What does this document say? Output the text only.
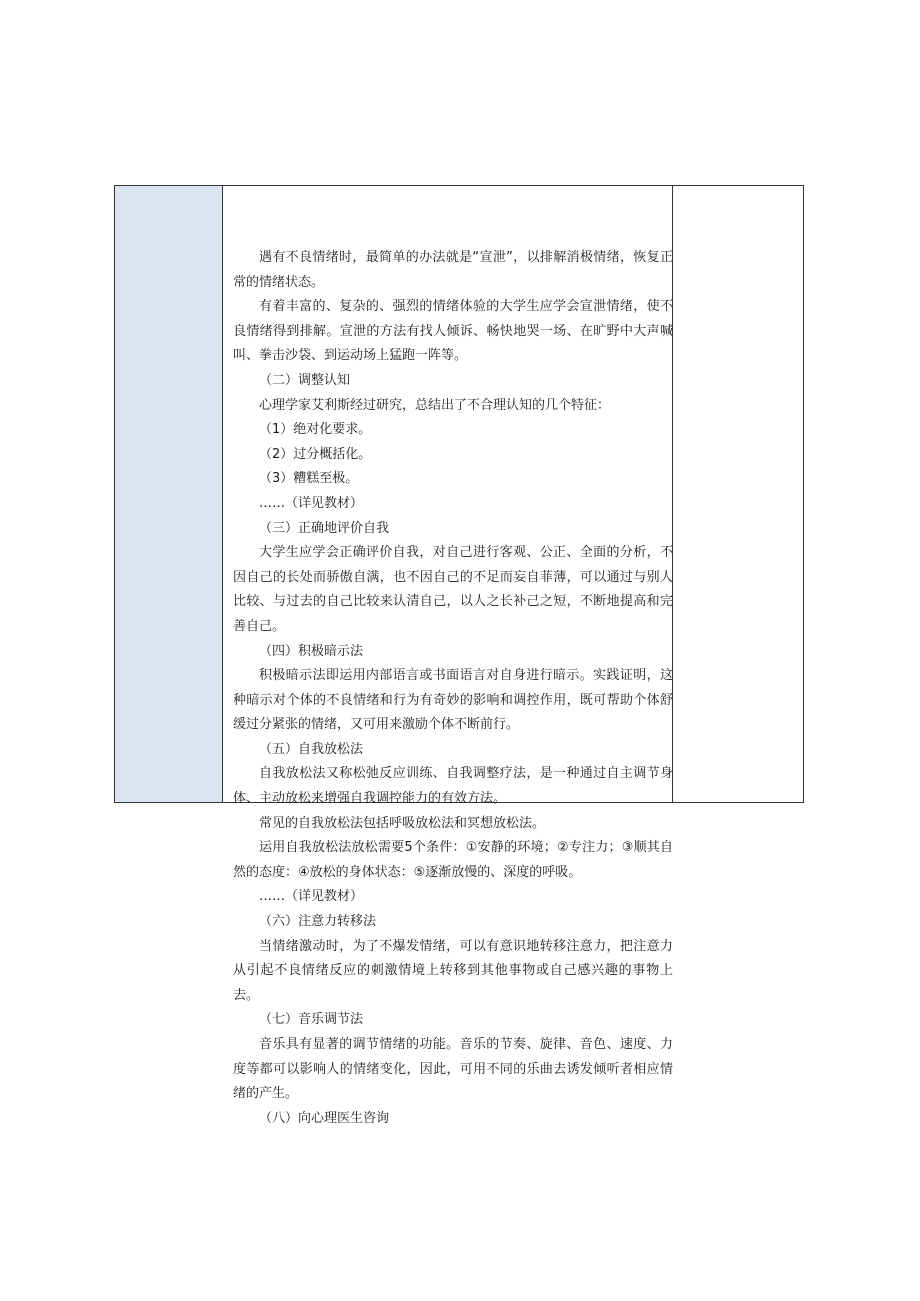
遇有不良情绪时，最简单的办法就是“宣泄”，以排解消极情绪，恢复正常的情绪状态。

有着丰富的、复杂的、强烈的情绪体验的大学生应学会宣泄情绪，使不良情绪得到排解。宣泄的方法有找人倾诉、畅快地哭一场、在旷野中大声喊叫、拳击沙袋、到运动场上猛跑一阵等。

（二）调整认知

心理学家艾利斯经过研究，总结出了不合理认知的几个特征：

（1）绝对化要求。

（2）过分概括化。

（3）糟糕至极。

……（详见教材）

（三）正确地评价自我

大学生应学会正确评价自我，对自己进行客观、公正、全面的分析，不因自己的长处而骄傲自满，也不因自己的不足而妄自菲薄，可以通过与别人比较、与过去的自己比较来认清自己，以人之长补己之短，不断地提高和完善自己。

（四）积极暗示法

积极暗示法即运用内部语言或书面语言对自身进行暗示。实践证明，这种暗示对个体的不良情绪和行为有奇妙的影响和调控作用，既可帮助个体舒缓过分紧张的情绪，又可用来激励个体不断前行。

（五）自我放松法

自我放松法又称松弛反应训练、自我调整疗法，是一种通过自主调节身体、主动放松来增强自我调控能力的有效方法。

常见的自我放松法包括呼吸放松法和冥想放松法。

运用自我放松法放松需要5个条件：①安静的环境；②专注力；③顺其自然的态度：④放松的身体状态：⑤逐渐放慢的、深度的呼吸。

……（详见教材）

（六）注意力转移法

当情绪激动时，为了不爆发情绪，可以有意识地转移注意力，把注意力从引起不良情绪反应的刺激情境上转移到其他事物或自己感兴趣的事物上去。

（七）音乐调节法

音乐具有显著的调节情绪的功能。音乐的节奏、旋律、音色、速度、力度等都可以影响人的情绪变化，因此，可用不同的乐曲去诱发倾听者相应情绪的产生。

（八）向心理医生咨询
